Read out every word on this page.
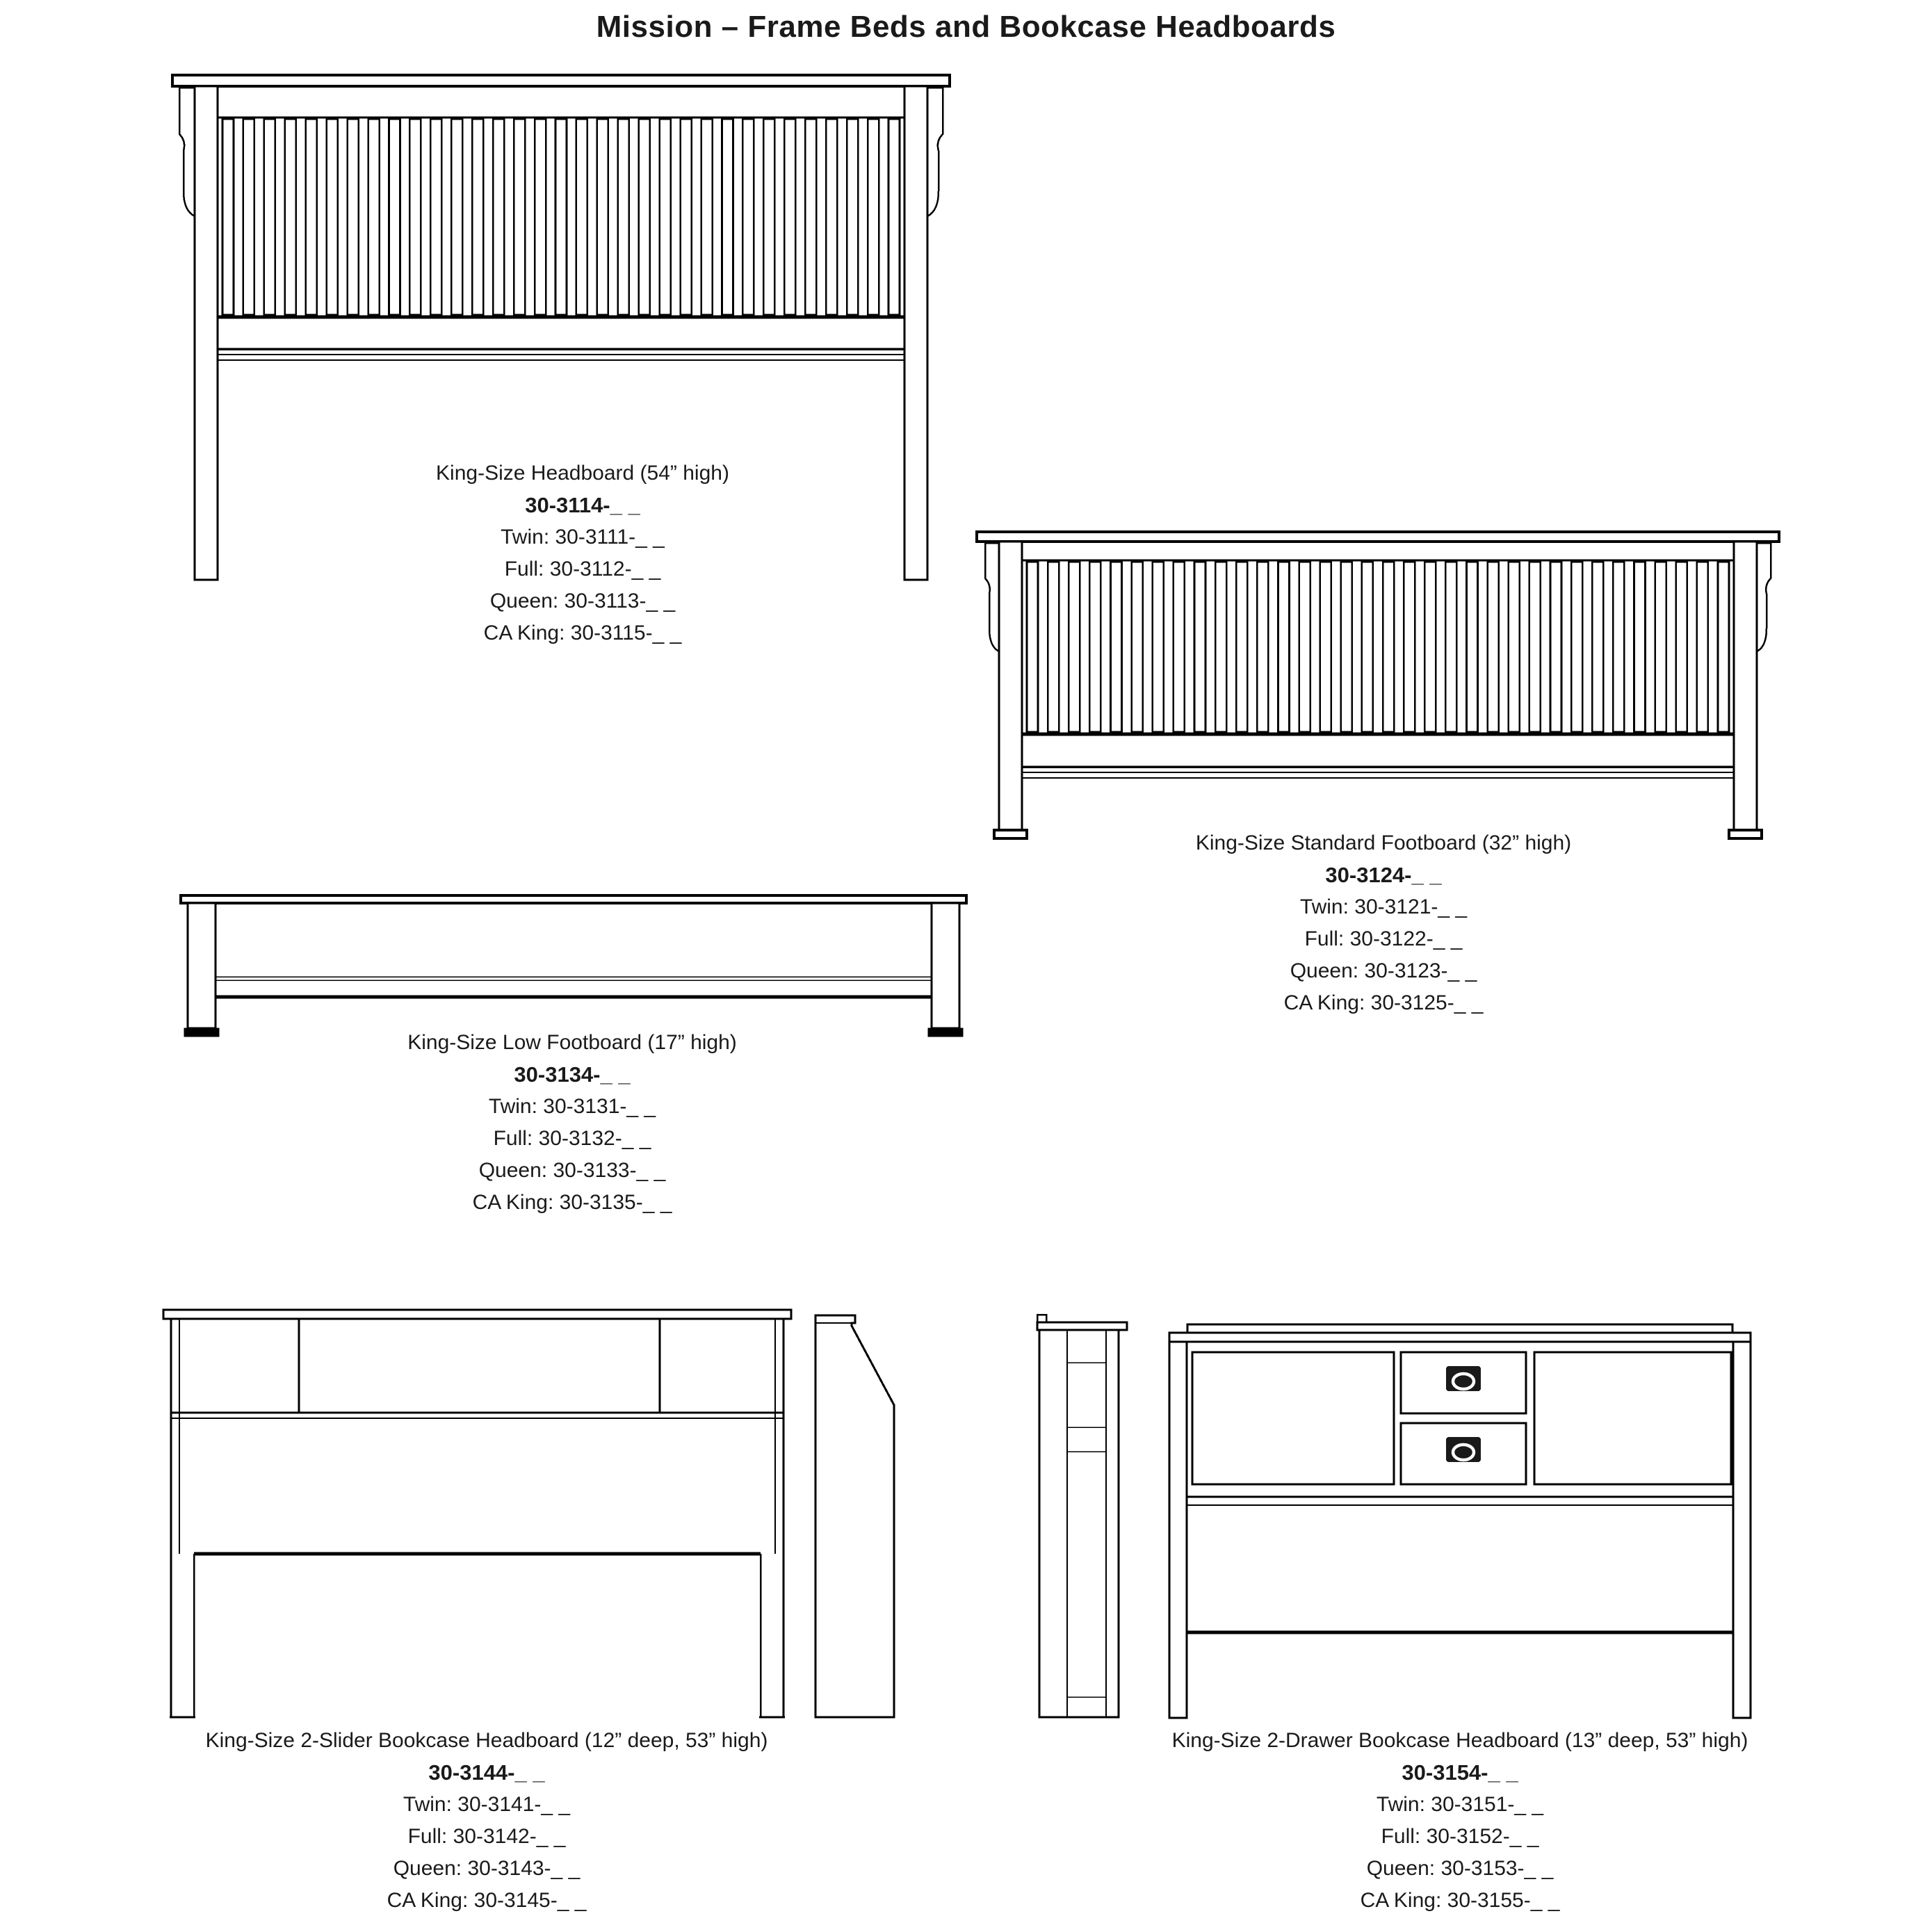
Mission – Frame Beds and Bookcase Headboards
King-Size Headboard (54” high)
30-3114-_ _
Twin: 30-3111-_ _
Full: 30-3112-_ _
Queen: 30-3113-_ _
CA King: 30-3115-_ _
King-Size Standard Footboard (32” high)
30-3124-_ _
Twin: 30-3121-_ _
Full: 30-3122-_ _
Queen: 30-3123-_ _
CA King: 30-3125-_ _
King-Size Low Footboard (17” high)
30-3134-_ _
Twin: 30-3131-_ _
Full: 30-3132-_ _
Queen: 30-3133-_ _
CA King: 30-3135-_ _
King-Size 2-Slider Bookcase Headboard (12” deep, 53” high)
30-3144-_ _
Twin: 30-3141-_ _
Full: 30-3142-_ _
Queen: 30-3143-_ _
CA King: 30-3145-_ _
King-Size 2-Drawer Bookcase Headboard (13” deep, 53” high)
30-3154-_ _
Twin: 30-3151-_ _
Full: 30-3152-_ _
Queen: 30-3153-_ _
CA King: 30-3155-_ _
